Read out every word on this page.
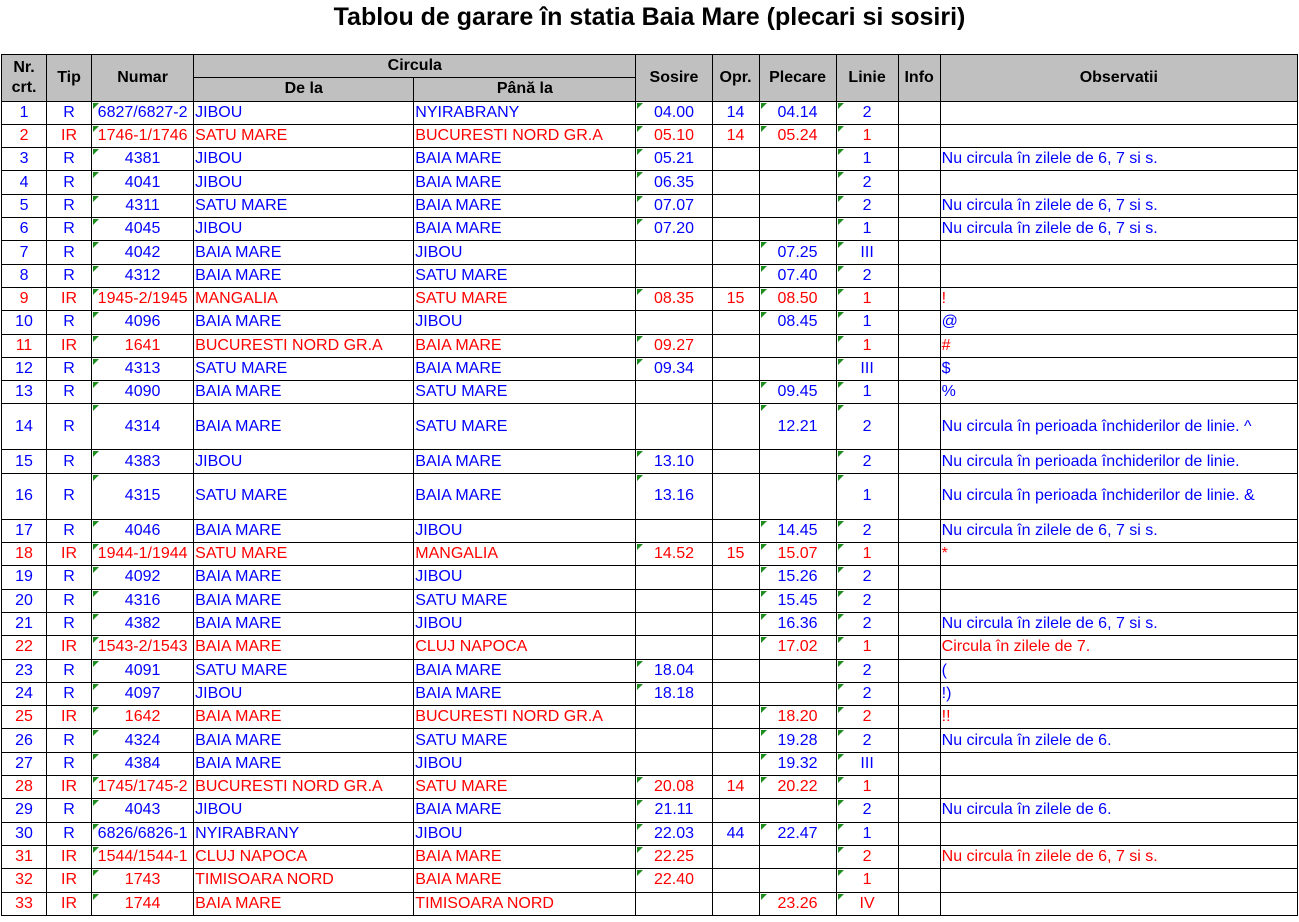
Tablou de garare în statia Baia Mare (plecari si sosiri)
Nr. crt.	Tip	Numar	Circula		Sosire	Opr.	Plecare	Linie	Info	Observatii
			De la	Până la						
1	R	6827/6827-2	JIBOU	NYIRABRANY	04.00	14	04.14	2		
2	IR	1746-1/1746	SATU MARE	BUCURESTI NORD GR.A	05.10	14	05.24	1		
3	R	4381	JIBOU	BAIA MARE	05.21			1		Nu circula în zilele de 6, 7 si s.
4	R	4041	JIBOU	BAIA MARE	06.35			2		
5	R	4311	SATU MARE	BAIA MARE	07.07			2		Nu circula în zilele de 6, 7 si s.
6	R	4045	JIBOU	BAIA MARE	07.20			1		Nu circula în zilele de 6, 7 si s.
7	R	4042	BAIA MARE	JIBOU			07.25	III		
8	R	4312	BAIA MARE	SATU MARE			07.40	2		
9	IR	1945-2/1945	MANGALIA	SATU MARE	08.35	15	08.50	1		!
10	R	4096	BAIA MARE	JIBOU			08.45	1		@
11	IR	1641	BUCURESTI NORD GR.A	BAIA MARE	09.27			1		#
12	R	4313	SATU MARE	BAIA MARE	09.34			III		$
13	R	4090	BAIA MARE	SATU MARE			09.45	1		%
14	R	4314	BAIA MARE	SATU MARE			12.21	2		Nu circula în perioada închiderilor de linie. ^
15	R	4383	JIBOU	BAIA MARE	13.10			2		Nu circula în perioada închiderilor de linie.
16	R	4315	SATU MARE	BAIA MARE	13.16			1		Nu circula în perioada închiderilor de linie. &
17	R	4046	BAIA MARE	JIBOU			14.45	2		Nu circula în zilele de 6, 7 si s.
18	IR	1944-1/1944	SATU MARE	MANGALIA	14.52	15	15.07	1		*
19	R	4092	BAIA MARE	JIBOU			15.26	2		
20	R	4316	BAIA MARE	SATU MARE			15.45	2		
21	R	4382	BAIA MARE	JIBOU			16.36	2		Nu circula în zilele de 6, 7 si s.
22	IR	1543-2/1543	BAIA MARE	CLUJ NAPOCA			17.02	1		Circula în zilele de 7.
23	R	4091	SATU MARE	BAIA MARE	18.04			2		(
24	R	4097	JIBOU	BAIA MARE	18.18			2		!)
25	IR	1642	BAIA MARE	BUCURESTI NORD GR.A			18.20	2		!!
26	R	4324	BAIA MARE	SATU MARE			19.28	2		Nu circula în zilele de 6.
27	R	4384	BAIA MARE	JIBOU			19.32	III		
28	IR	1745/1745-2	BUCURESTI NORD GR.A	SATU MARE	20.08	14	20.22	1		
29	R	4043	JIBOU	BAIA MARE	21.11			2		Nu circula în zilele de 6.
30	R	6826/6826-1	NYIRABRANY	JIBOU	22.03	44	22.47	1		
31	IR	1544/1544-1	CLUJ NAPOCA	BAIA MARE	22.25			2		Nu circula în zilele de 6, 7 si s.
32	IR	1743	TIMISOARA NORD	BAIA MARE	22.40			1		
33	IR	1744	BAIA MARE	TIMISOARA NORD			23.26	IV		
